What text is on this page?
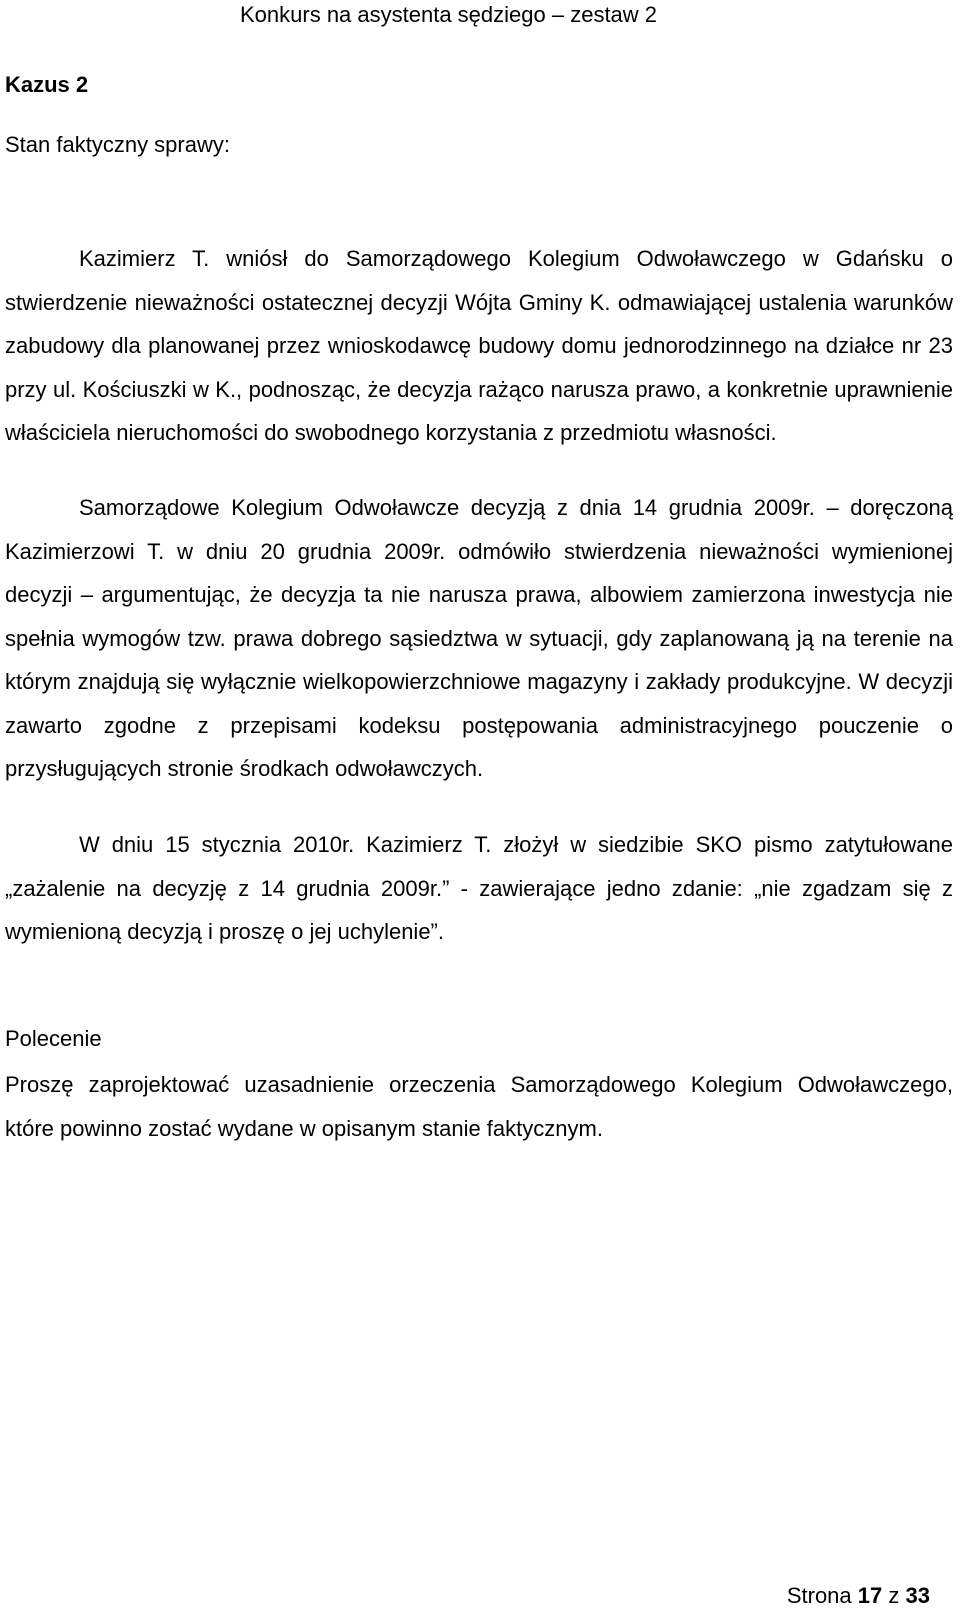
Konkurs na asystenta sędziego – zestaw 2
Kazus 2
Stan faktyczny sprawy:

Kazimierz T. wniósł do Samorządowego Kolegium Odwoławczego w Gdańsku o stwierdzenie nieważności ostatecznej decyzji Wójta Gminy K. odmawiającej ustalenia warunków zabudowy dla planowanej przez wnioskodawcę budowy domu jednorodzinnego na działce nr 23 przy ul. Kościuszki w K., podnosząc, że decyzja rażąco narusza prawo, a konkretnie uprawnienie właściciela nieruchomości do swobodnego korzystania z przedmiotu własności.

Samorządowe Kolegium Odwoławcze decyzją z dnia 14 grudnia 2009r. – doręczoną Kazimierzowi T. w dniu 20 grudnia 2009r. odmówiło stwierdzenia nieważności wymienionej decyzji – argumentując, że decyzja ta nie narusza prawa, albowiem zamierzona inwestycja nie spełnia wymogów tzw. prawa dobrego sąsiedztwa w sytuacji, gdy zaplanowaną ją na terenie na którym znajdują się wyłącznie wielkopowierzchniowe magazyny i zakłady produkcyjne. W decyzji zawarto zgodne z przepisami kodeksu postępowania administracyjnego pouczenie o przysługujących stronie środkach odwoławczych.

W dniu 15 stycznia 2010r. Kazimierz T. złożył w siedzibie SKO pismo zatytułowane „zażalenie na decyzję z 14 grudnia 2009r.” - zawierające jedno zdanie: „nie zgadzam się z wymienioną decyzją i proszę o jej uchylenie”.

Polecenie

Proszę zaprojektować uzasadnienie orzeczenia Samorządowego Kolegium Odwoławczego, które powinno zostać wydane w opisanym stanie faktycznym.

Strona 17 z 33
